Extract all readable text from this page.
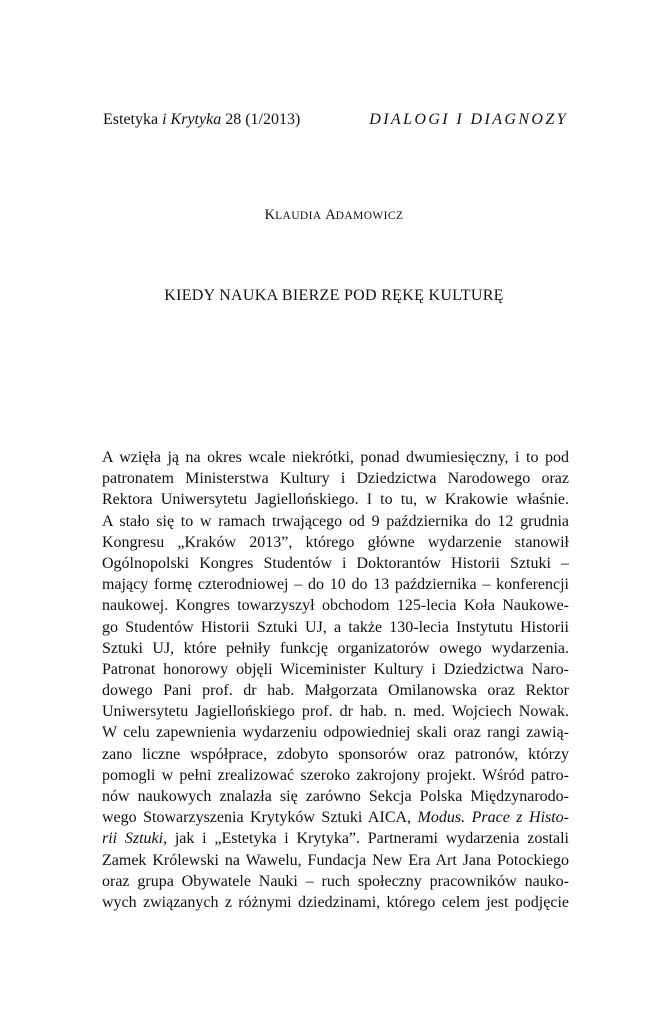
Estetyka i Krytyka 28 (1/2013)	DIALOGI I DIAGNOZY
KLAUDIA ADAMOWICZ
KIEDY NAUKA BIERZE POD RĘKĘ KULTURĘ
A wzięła ją na okres wcale niekrótki, ponad dwumiesięczny, i to pod
patronatem Ministerstwa Kultury i Dziedzictwa Narodowego oraz
Rektora Uniwersytetu Jagiellońskiego. I to tu, w Krakowie właśnie.
A stało się to w ramach trwającego od 9 października do 12 grudnia
Kongresu „Kraków 2013”, którego główne wydarzenie stanowił
Ogólnopolski Kongres Studentów i Doktorantów Historii Sztuki –
mający formę czterodniowej – do 10 do 13 października – konferencji
naukowej. Kongres towarzyszył obchodom 125-lecia Koła Naukowe-
go Studentów Historii Sztuki UJ, a także 130-lecia Instytutu Historii
Sztuki UJ, które pełniły funkcję organizatorów owego wydarzenia.
Patronat honorowy objęli Wiceminister Kultury i Dziedzictwa Naro-
dowego Pani prof. dr hab. Małgorzata Omilanowska oraz Rektor
Uniwersytetu Jagiellońskiego prof. dr hab. n. med. Wojciech Nowak.
W celu zapewnienia wydarzeniu odpowiedniej skali oraz rangi zawią-
zano liczne współprace, zdobyto sponsorów oraz patronów, którzy
pomogli w pełni zrealizować szeroko zakrojony projekt. Wśród patro-
nów naukowych znalazła się zarówno Sekcja Polska Międzynarodo-
wego Stowarzyszenia Krytyków Sztuki AICA, Modus. Prace z Histo-
rii Sztuki, jak i „Estetyka i Krytyka”. Partnerami wydarzenia zostali
Zamek Królewski na Wawelu, Fundacja New Era Art Jana Potockiego
oraz grupa Obywatele Nauki – ruch społeczny pracowników nauko-
wych związanych z różnymi dziedzinami, którego celem jest podjęcie
